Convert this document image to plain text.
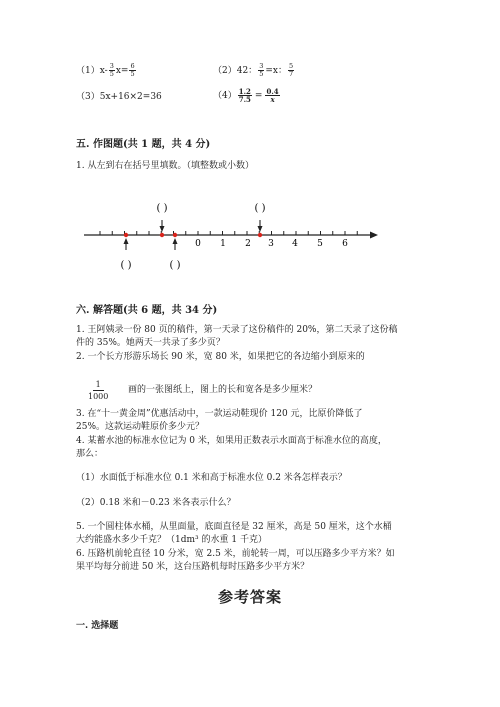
$(1)x- \frac{3}{5} x= \frac{6}{5}$	（2）42： $\frac{3}{5} =x$： $\frac{5}{7}$
（3）5x+16×2=36	$(4) \frac{1.2}{7.5} = \frac{0.4}{x}$
五. 作图题(共 1 题，共 4 分)
1. 从左到右在括号里填数。（填整数或小数）
0 1 2 3 4 5 6
( )	( )
( )	( )
六. 解答题(共 6 题，共 34 分)
1. 王阿姨录一份 80 页的稿件，第一天录了这份稿件的 20%，第二天录了这份稿
件的 35%。她两天一共录了多少页？
2. 一个长方形游乐场长 90 米，宽 80 米，如果把它的各边缩小到原来的
$\frac{1}{1000}$ 画的一张图纸上，图上的长和宽各是多少厘米？
3. 在“十一黄金周”优惠活动中，一款运动鞋现价 120 元，比原价降低了
25%。这款运动鞋原价多少元？
4. 某蓄水池的标准水位记为 0 米，如果用正数表示水面高于标准水位的高度，
那么：
（1）水面低于标准水位 0.1 米和高于标准水位 0.2 米各怎样表示？
（2）0.18 米和－0.23 米各表示什么？
5. 一个圆柱体水桶，从里面量，底面直径是 32 厘米，高是 50 厘米，这个水桶
大约能盛水多少千克？（1dm³ 的水重 1 千克）
6. 压路机前轮直径 10 分米，宽 2.5 米，前轮转一周，可以压路多少平方米？如
果平均每分前进 50 米，这台压路机每时压路多少平方米？
参考答案
一. 选择题
